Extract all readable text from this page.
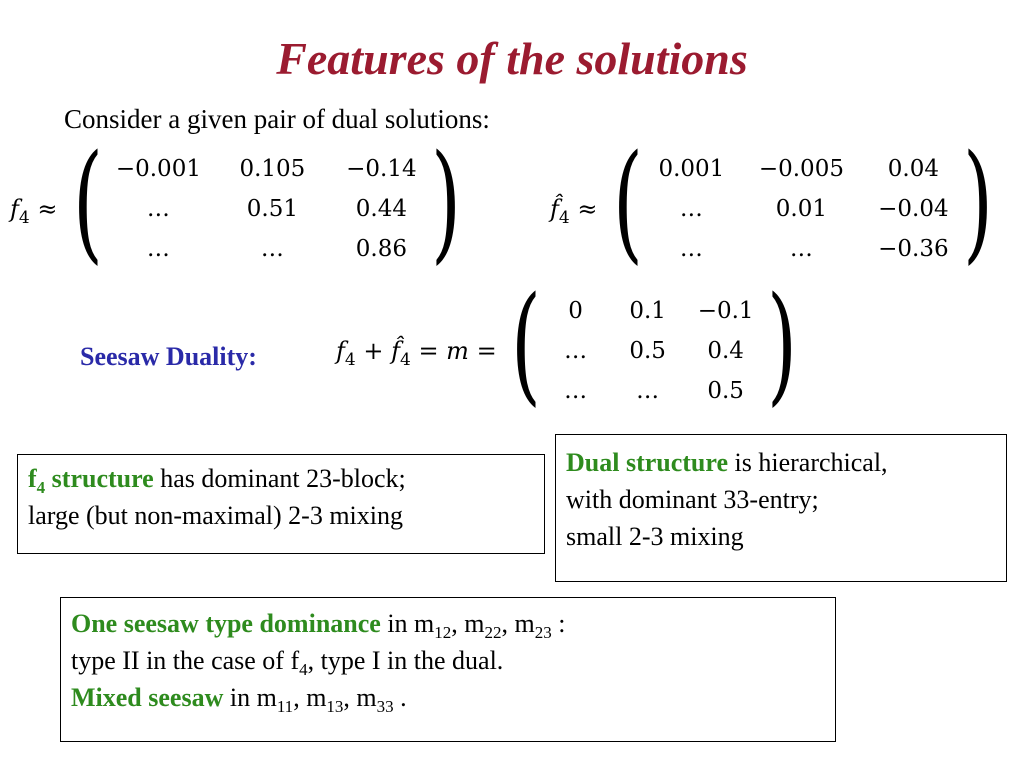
Features of the solutions
Consider a given pair of dual solutions:
$f_4$ ≈ ( −0.001 0.105 −0.14
…	0.51	0.44
…	…	0.86 )	$f̂_4$ ≈ ( 0.001 −0.005	0.04
…	0.01	−0.04
…	…	−0.36 )
Seesaw Duality:	$f_4$ + $f̂_4 = m$ = (	0	0.1 −0.1
…	0.5	0.4
…	…	0.5 )
$f_4$ structure has dominant 23-block;
large (but non-maximal) 2-3 mixing
Dual structure is hierarchical,
with dominant 33-entry;
small 2-3 mixing
One seesaw type dominance in $m_{12}$, $m_{22}$, $m_{23}$ :
type II in the case of $f_4$, type I in the dual.
Mixed seesaw in $m_{11}$, $m_{13}$, $m_{33}$ .
